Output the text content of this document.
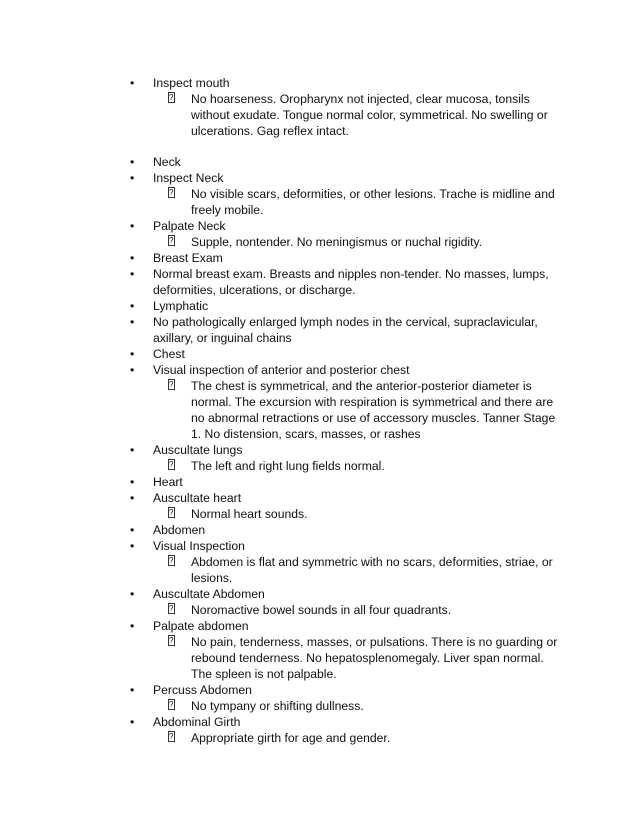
• Inspect mouth
?
No hoarseness. Oropharynx not injected, clear mucosa, tonsils without exudate. Tongue normal color, symmetrical. No swelling or ulcerations. Gag reflex intact.
• Neck
• Inspect Neck
?
No visible scars, deformities, or other lesions. Trache is midline and freely mobile.
• Palpate Neck
?
Supple, nontender. No meningismus or nuchal rigidity.
• Breast Exam
• Normal breast exam. Breasts and nipples non-tender. No masses, lumps, deformities, ulcerations, or discharge.
• Lymphatic
• No pathologically enlarged lymph nodes in the cervical, supraclavicular, axillary, or inguinal chains
• Chest
• Visual inspection of anterior and posterior chest
?
The chest is symmetrical, and the anterior-posterior diameter is normal. The excursion with respiration is symmetrical and there are no abnormal retractions or use of accessory muscles. Tanner Stage 1. No distension, scars, masses, or rashes
• Auscultate lungs
?
The left and right lung fields normal.
• Heart
• Auscultate heart
?
Normal heart sounds.
• Abdomen
• Visual Inspection
?
Abdomen is flat and symmetric with no scars, deformities, striae, or lesions.
• Auscultate Abdomen
?
Noromactive bowel sounds in all four quadrants.
• Palpate abdomen
?
No pain, tenderness, masses, or pulsations. There is no guarding or rebound tenderness. No hepatosplenomegaly. Liver span normal. The spleen is not palpable.
• Percuss Abdomen
?
No tympany or shifting dullness.
• Abdominal Girth
?
Appropriate girth for age and gender.
